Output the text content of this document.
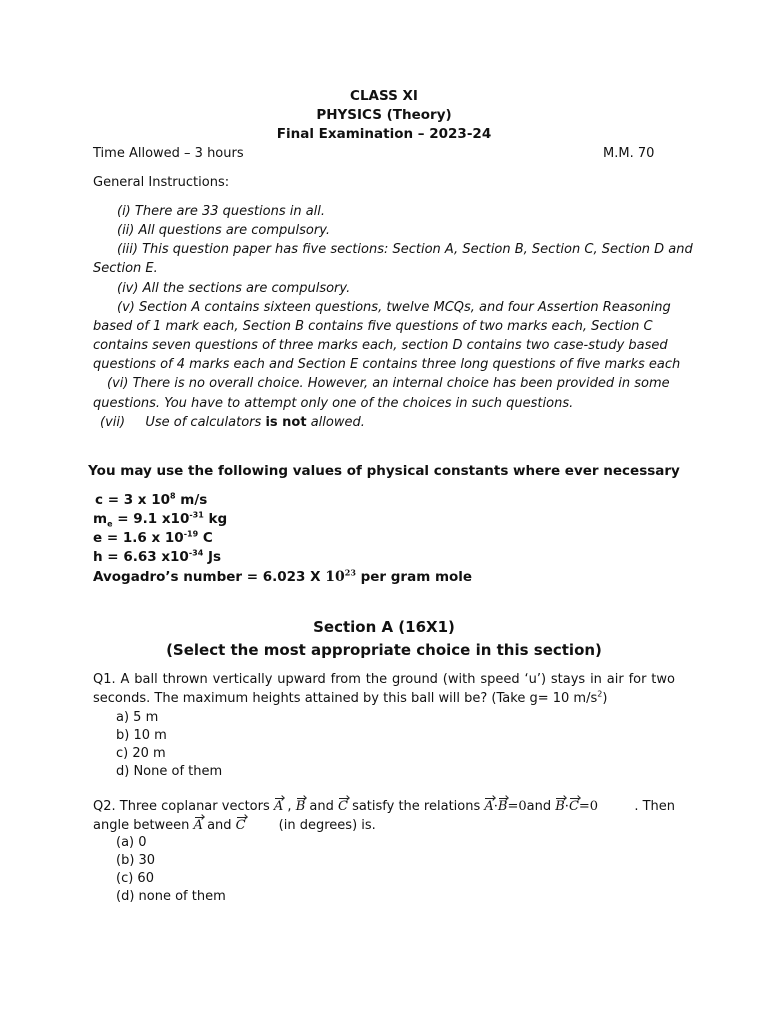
CLASS XI
PHYSICS (Theory)
Final Examination – 2023-24
Time Allowed – 3 hours	M.M. 70
General Instructions:
(i) There are 33 questions in all.
(ii) All questions are compulsory.
(iii) This question paper has five sections: Section A, Section B, Section C, Section D and
Section E.
(iv) All the sections are compulsory.
(v) Section A contains sixteen questions, twelve MCQs, and four Assertion Reasoning
based of 1 mark each, Section B contains five questions of two marks each, Section C
contains seven questions of three marks each, section D contains two case-study based
questions of 4 marks each and Section E contains three long questions of five marks each
(vi) There is no overall choice. However, an internal choice has been provided in some
questions. You have to attempt only one of the choices in such questions.
(vii) Use of calculators is not allowed.
You may use the following values of physical constants where ever necessary
c = 3 x $10^8$ m/s
$m_e = 9.1$ $x10^{-31}$ kg
e = 1.6 x $10^{-19}$ C
h = 6.63 $x10^{-34}$ Js
Avogadro’s number = 6.023 X $10^{23}$ per gram mole
Section A (16X1)
(Select the most appropriate choice in this section)
Q1. A ball thrown vertically upward from the ground (with speed ‘u’) stays in air for two
seconds. The maximum heights attained by this ball will be? (Take g= 10 $m/s^2$)
a) 5 m
b) 10 m
c) 20 m
d) None of them
Q2. Three coplanar vectors A , B and C satisfy the relations A·B=0and B·C=0	. Then
angle between A and C        (in degrees) is.
(a) 0
(b) 30
(c) 60
(d) none of them
